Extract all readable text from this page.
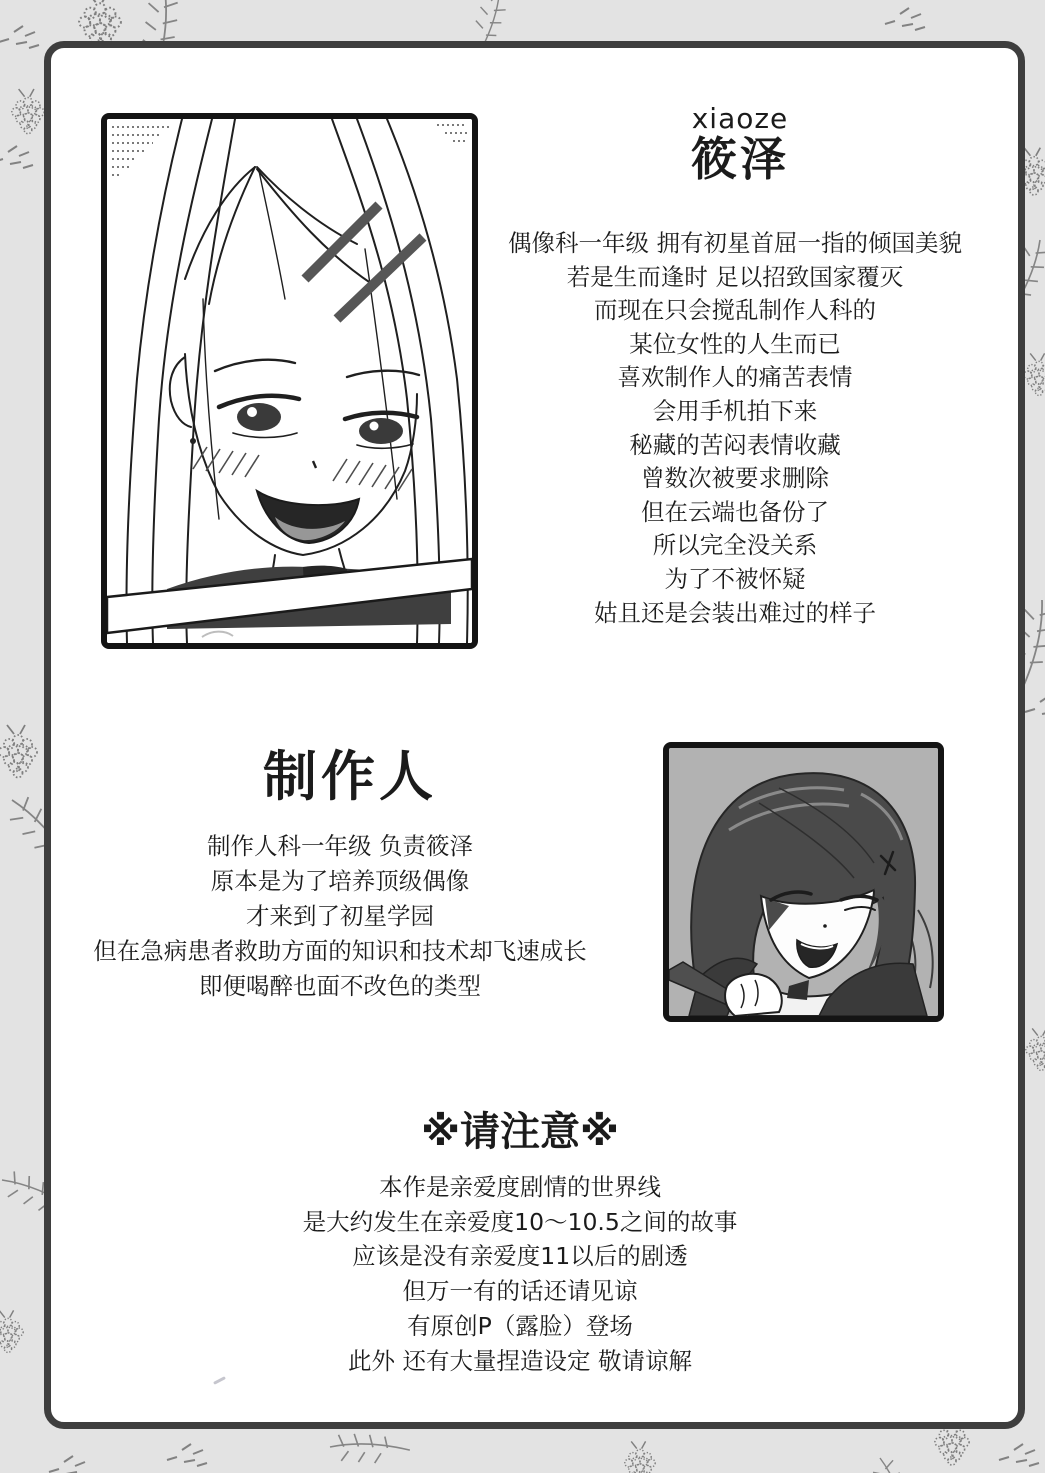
xiaoze
筱泽
偶像科一年级 拥有初星首屈一指的倾国美貌
若是生而逢时 足以招致国家覆灭
而现在只会搅乱制作人科的
某位女性的人生而已
喜欢制作人的痛苦表情
会用手机拍下来
秘藏的苦闷表情收藏
曾数次被要求删除
但在云端也备份了
所以完全没关系
为了不被怀疑
姑且还是会装出难过的样子
制作人
制作人科一年级 负责筱泽
原本是为了培养顶级偶像
才来到了初星学园
但在急病患者救助方面的知识和技术却飞速成长
即便喝醉也面不改色的类型
※请注意※
本作是亲爱度剧情的世界线
是大约发生在亲爱度10～10.5之间的故事
应该是没有亲爱度11以后的剧透
但万一有的话还请见谅
有原创P（露脸）登场
此外 还有大量捏造设定 敬请谅解
